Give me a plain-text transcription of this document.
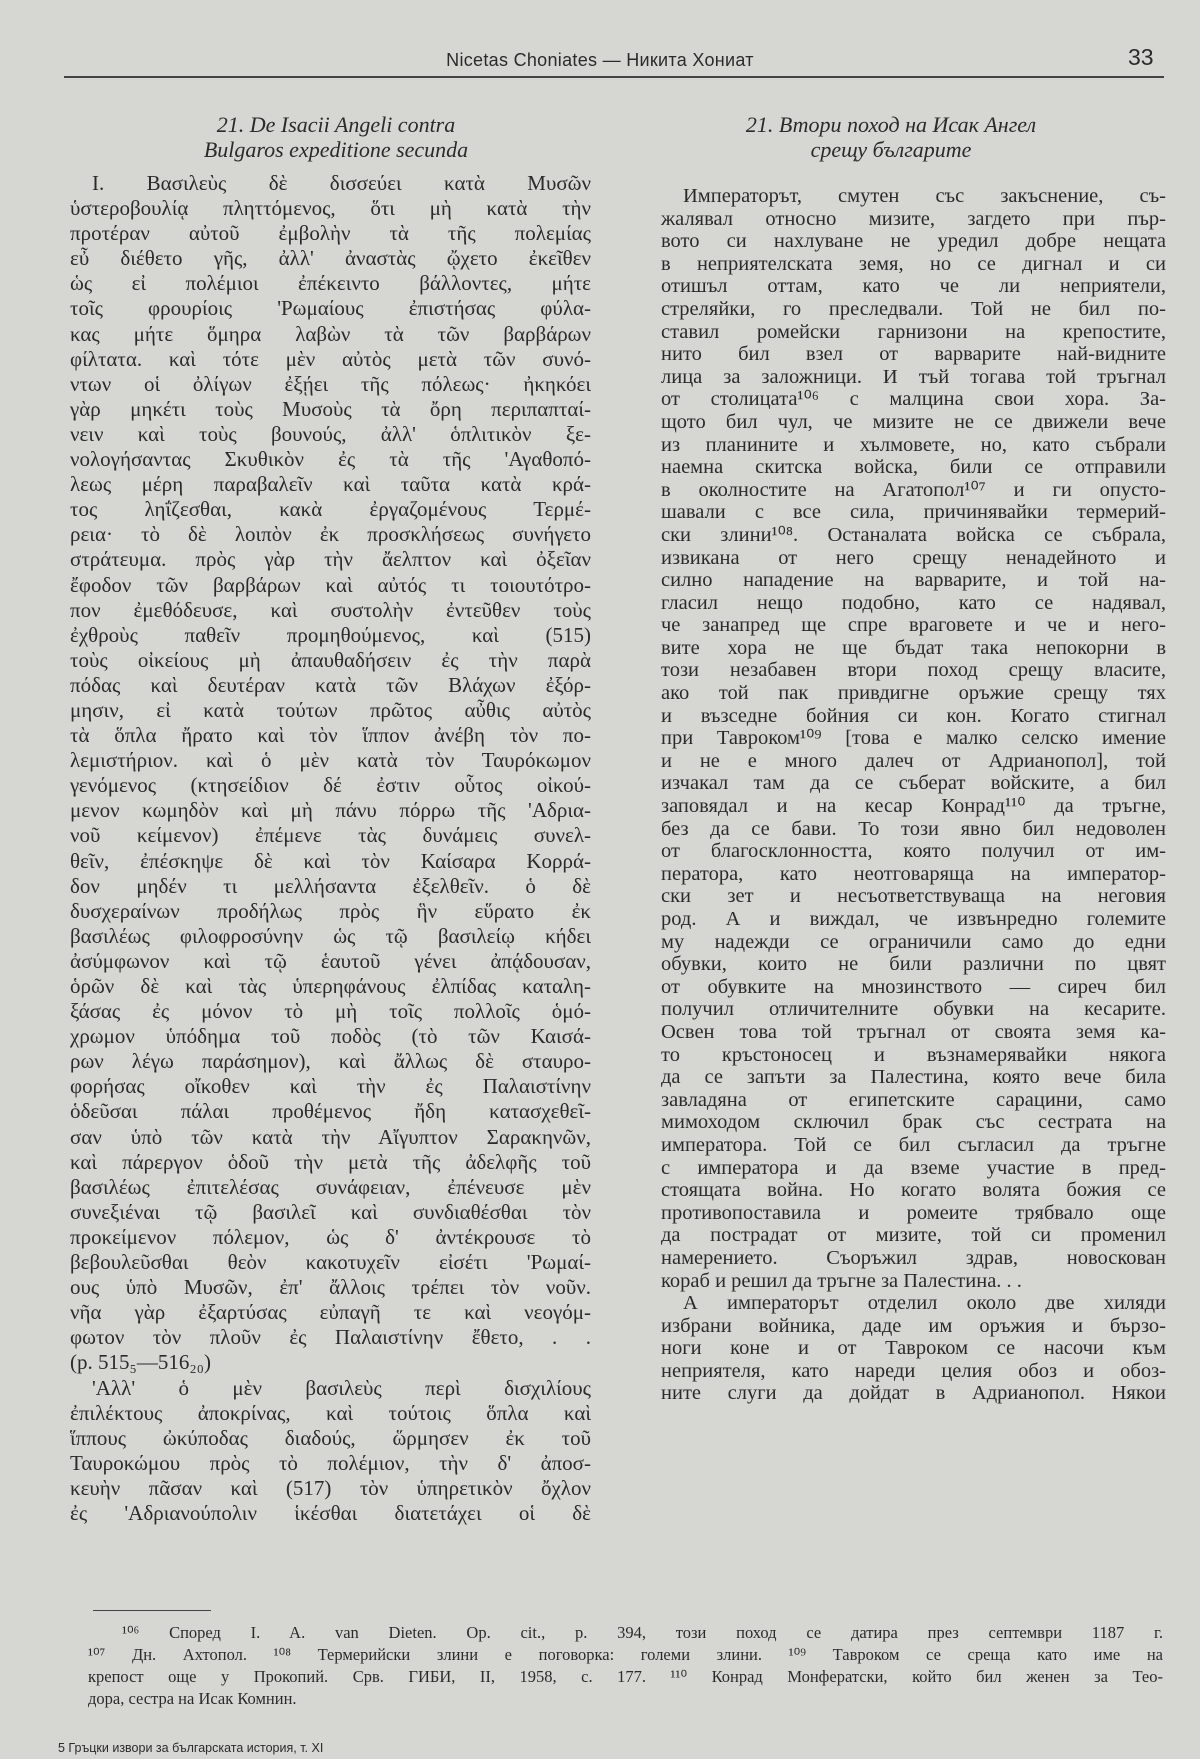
Nicetas Choniates — Никита Хониат	33
21. De Isacii Angeli contra
Bulgaros expeditione secunda
21. Втори поход на Исак Ангел
срещу българите
I. Βασιλεὺς δὲ δισσεύει κατὰ Μυσῶν
ὑστεροβουλίᾳ πληττόμενος, ὅτι μὴ κατὰ τὴν
προτέραν αὐτοῦ ἐμβολὴν τὰ τῆς πολεμίας
εὖ διέθετο γῆς, ἀλλ' ἀναστὰς ᾤχετο ἐκεῖθεν
ὡς εἰ πολέμιοι ἐπέκειντο βάλλοντες, μήτε
τοῖς φρουρίοις 'Ρωμαίους ἐπιστήσας φύλα-
κας μήτε ὅμηρα λαβὼν τὰ τῶν βαρβάρων
φίλτατα. καὶ τότε μὲν αὐτὸς μετὰ τῶν συνό-
ντων οἱ ὀλίγων ἐξῄει τῆς πόλεως· ἠκηκόει
γὰρ μηκέτι τοὺς Μυσοὺς τὰ ὄρη περιπαπταί-
νειν καὶ τοὺς βουνούς, ἀλλ' ὁπλιτικὸν ξε-
νολογήσαντας Σκυθικὸν ἐς τὰ τῆς 'Αγαθοπό-
λεως μέρη παραβαλεῖν καὶ ταῦτα κατὰ κρά-
τος ληΐζεσθαι, κακὰ ἐργαζομένους Τερμέ-
ρεια· τὸ δὲ λοιπὸν ἐκ προσκλήσεως συνήγετο
στράτευμα. πρὸς γὰρ τὴν ἄελπτον καὶ ὀξεῖαν
ἔφοδον τῶν βαρβάρων καὶ αὐτός τι τοιουτότρο-
πον ἐμεθόδευσε, καὶ συστολὴν ἐντεῦθεν τοὺς
ἐχθροὺς παθεῖν προμηθούμενος, καὶ (515)
τοὺς οἰκείους μὴ ἀπαυθαδήσειν ἐς τὴν παρὰ
πόδας καὶ δευτέραν κατὰ τῶν Βλάχων ἐξόρ-
μησιν, εἰ κατὰ τούτων πρῶτος αὖθις αὐτὸς
τὰ ὅπλα ἤρατο καὶ τὸν ἵππον ἀνέβη τὸν πο-
λεμιστήριον. καὶ ὁ μὲν κατὰ τὸν Ταυρόκωμον
γενόμενος (κτησείδιον δέ ἐστιν οὗτος οἰκού-
μενον κωμηδὸν καὶ μὴ πάνυ πόρρω τῆς 'Αδρια-
νοῦ κείμενον) ἐπέμενε τὰς δυνάμεις συνελ-
θεῖν, ἐπέσκηψε δὲ καὶ τὸν Καίσαρα Κορρά-
δον μηδέν τι μελλήσαντα ἐξελθεῖν. ὁ δὲ
δυσχεραίνων προδήλως πρὸς ἣν εὕρατο ἐκ
βασιλέως φιλοφροσύνην ὡς τῷ βασιλείῳ κήδει
ἀσύμφωνον καὶ τῷ ἑαυτοῦ γένει ἀπᾴδουσαν,
ὁρῶν δὲ καὶ τὰς ὑπερηφάνους ἐλπίδας καταλη-
ξάσας ἐς μόνον τὸ μὴ τοῖς πολλοῖς ὁμό-
χρωμον ὑπόδημα τοῦ ποδὸς (τὸ τῶν Καισά-
ρων λέγω παράσημον), καὶ ἄλλως δὲ σταυρο-
φορήσας οἴκοθεν καὶ τὴν ἐς Παλαιστίνην
ὁδεῦσαι πάλαι προθέμενος ἤδη κατασχεθεῖ-
σαν ὑπὸ τῶν κατὰ τὴν Αἴγυπτον Σαρακηνῶν,
καὶ πάρεργον ὁδοῦ τὴν μετὰ τῆς ἀδελφῆς τοῦ
βασιλέως ἐπιτελέσας συνάφειαν, ἐπένευσε μὲν
συνεξιέναι τῷ βασιλεῖ καὶ συνδιαθέσθαι τὸν
προκείμενον πόλεμον, ὡς δ' ἀντέκρουσε τὸ
βεβουλεῦσθαι θεὸν κακοτυχεῖν εἰσέτι 'Ρωμαί-
ους ὑπὸ Μυσῶν, ἐπ' ἄλλοις τρέπει τὸν νοῦν.
νῆα γὰρ ἐξαρτύσας εὐπαγῆ τε καὶ νεογόμ-
φωτον τὸν πλοῦν ἐς Παλαιστίνην ἔθετο, . .
(p. 515₅—516₂₀)
'Αλλ' ὁ μὲν βασιλεὺς περὶ δισχιλίους
ἐπιλέκτους ἀποκρίνας, καὶ τούτοις ὅπλα καὶ
ἵππους ὠκύποδας διαδούς, ὥρμησεν ἐκ τοῦ
Ταυροκώμου πρὸς τὸ πολέμιον, τὴν δ' ἀποσ-
κευὴν πᾶσαν καὶ (517) τὸν ὑπηρετικὸν ὄχλον
ἐς 'Αδριανούπολιν ἱκέσθαι διατετάχει οἱ δὲ
Императорът, смутен със закъснение, съ-
жалявал относно мизите, загдето при пър-
вото си нахлуване не уредил добре нещата
в неприятелската земя, но се дигнал и си
отишъл оттам, като че ли неприятели,
стреляйки, го преследвали. Той не бил по-
ставил ромейски гарнизони на крепостите,
нито бил взел от варварите най-видните
лица за заложници. И тъй тогава той тръгнал
от столицата¹⁰⁶ с малцина свои хора. За-
щото бил чул, че мизите не се движели вече
из планините и хълмовете, но, като събрали
наемна скитска войска, били се отправили
в околностите на Агатопол¹⁰⁷ и ги опусто-
шавали с все сила, причинявайки термерий-
ски злини¹⁰⁸. Останалата войска се събрала,
извикана от него срещу ненадейното и
силно нападение на варварите, и той на-
гласил нещо подобно, като се надявал,
че занапред ще спре враговете и че и него-
вите хора не ще бъдат така непокорни в
този незабавен втори поход срещу власите,
ако той пак привдигне оръжие срещу тях
и възседне бойния си кон. Когато стигнал
при Тавроком¹⁰⁹ [това е малко селско имение
и не е много далеч от Адрианопол], той
изчакал там да се съберат войските, а бил
заповядал и на кесар Конрад¹¹⁰ да тръгне,
без да се бави. То този явно бил недоволен
от благосклонността, която получил от им-
ператора, като неотговаряща на император-
ски зет и несъответствуваща на неговия
род. А и виждал, че извънредно големите
му надежди се ограничили само до едни
обувки, които не били различни по цвят
от обувките на мнозинството — сиреч бил
получил отличителните обувки на кесарите.
Освен това той тръгнал от своята земя ка-
то кръстоносец и възнамерявайки някога
да се запъти за Палестина, която вече била
завладяна от египетските сарацини, само
мимоходом сключил брак със сестрата на
императора. Той се бил съгласил да тръгне
с императора и да вземе участие в пред-
стоящата война. Но когато волята божия се
противопоставила и ромеите трябвало още
да пострадат от мизите, той си променил
намерението. Съоръжил здрав, новоскован
кораб и решил да тръгне за Палестина. . .
А императорът отделил около две хиляди
избрани войника, даде им оръжия и бързо-
ноги коне и от Тавроком се насочи към
неприятеля, като нареди целия обоз и обоз-
ните слуги да дойдат в Адрианопол. Някои
¹⁰⁶ Според I. A. van Dieten. Op. cit., p. 394, този поход се датира през септември 1187 г.
¹⁰⁷ Дн. Ахтопол. ¹⁰⁸ Термерийски злини е поговорка: големи злини. ¹⁰⁹ Тавроком се среща като име на
крепост още у Прокопий. Срв. ГИБИ, II, 1958, с. 177. ¹¹⁰ Конрад Монфератски, който бил женен за Тео-
дора, сестра на Исак Комнин.
5 Гръцки извори за българската история, т. XI
